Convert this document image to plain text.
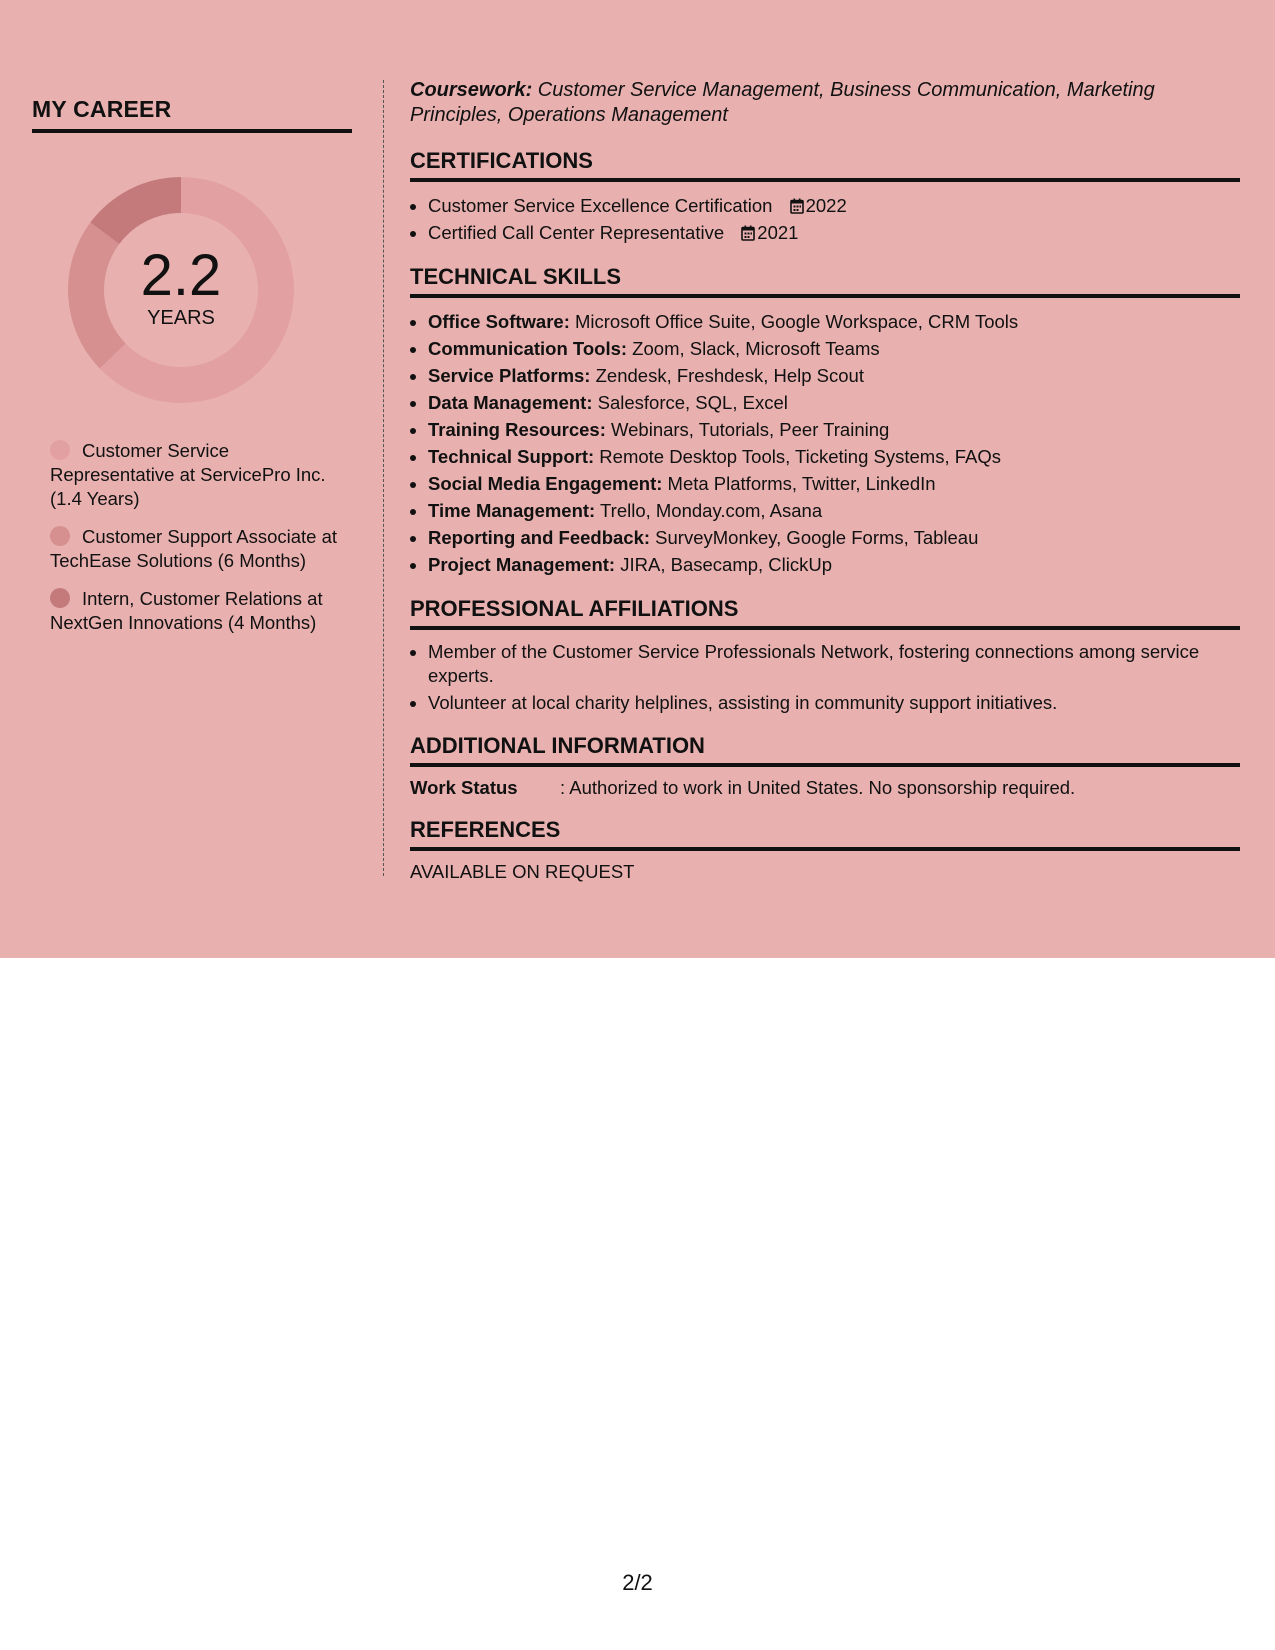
MY CAREER
2.2
YEARS
Customer Service Representative at ServicePro Inc. (1.4 Years)
Customer Support Associate at TechEase Solutions (6 Months)
Intern, Customer Relations at NextGen Innovations (4 Months)

Coursework: Customer Service Management, Business Communication, Marketing Principles, Operations Management

CERTIFICATIONS
• Customer Service Excellence Certification 2022
• Certified Call Center Representative 2021
TECHNICAL SKILLS
• Office Software: Microsoft Office Suite, Google Workspace, CRM Tools
• Communication Tools: Zoom, Slack, Microsoft Teams
• Service Platforms: Zendesk, Freshdesk, Help Scout
• Data Management: Salesforce, SQL, Excel
• Training Resources: Webinars, Tutorials, Peer Training
• Technical Support: Remote Desktop Tools, Ticketing Systems, FAQs
• Social Media Engagement: Meta Platforms, Twitter, LinkedIn
• Time Management: Trello, Monday.com, Asana
• Reporting and Feedback: SurveyMonkey, Google Forms, Tableau
• Project Management: JIRA, Basecamp, ClickUp
PROFESSIONAL AFFILIATIONS
• Member of the Customer Service Professionals Network, fostering connections among service experts.
• Volunteer at local charity helplines, assisting in community support initiatives.
ADDITIONAL INFORMATION

Work Status : Authorized to work in United States. No sponsorship required.

REFERENCES

AVAILABLE ON REQUEST

2/2
